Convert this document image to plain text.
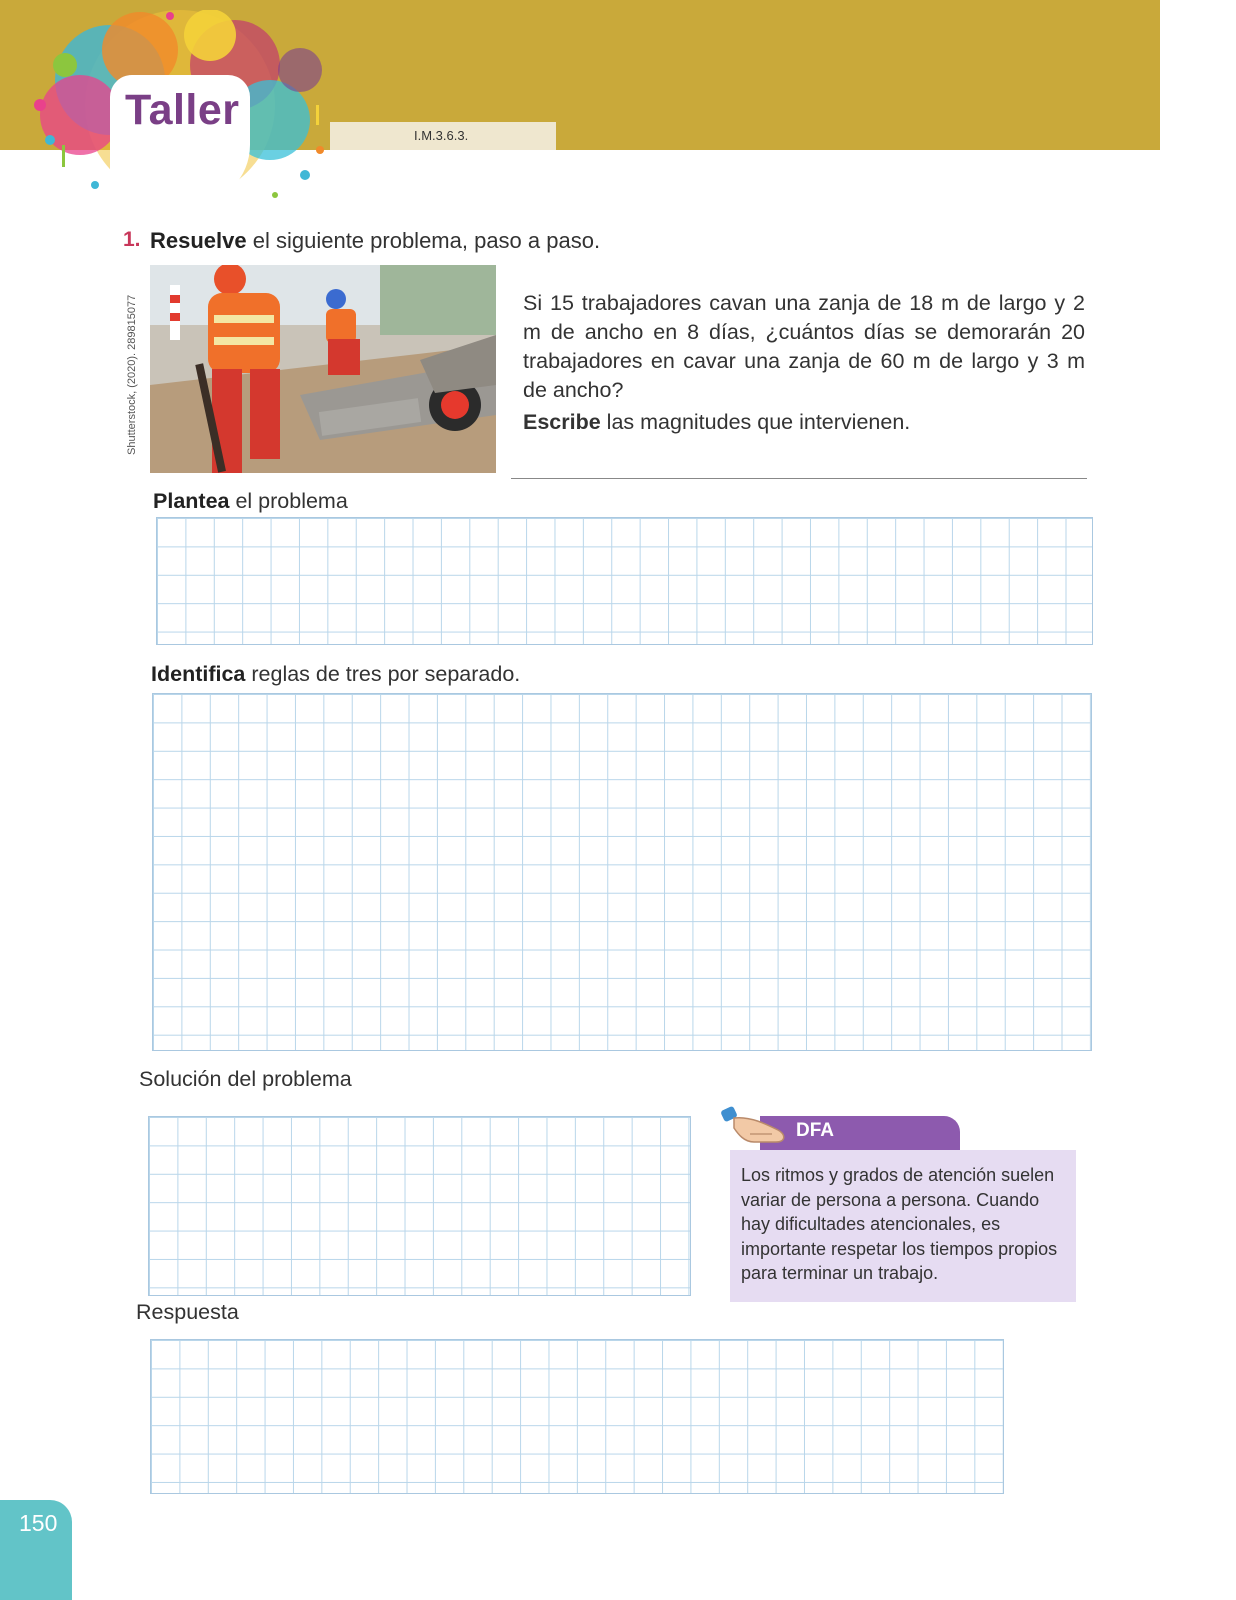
Taller
I.M.3.6.3.
1. Resuelve el siguiente problema, paso a paso.
Shutterstock, (2020). 289815077	Si 15 trabajadores cavan una zanja de 18 m de largo y 2 m de ancho en 8 días, ¿cuántos días se demorarán 20 trabajadores en cavar una zanja de 60 m de largo y 3 m de ancho?
Escribe las magnitudes que intervienen.
Plantea el problema
Identifica reglas de tres por separado.
Solución del problema
DFA
Los ritmos y grados de atención suelen variar de persona a persona. Cuando hay dificultades atencionales, es importante respetar los tiempos propios para terminar un trabajo.
Respuesta
150
